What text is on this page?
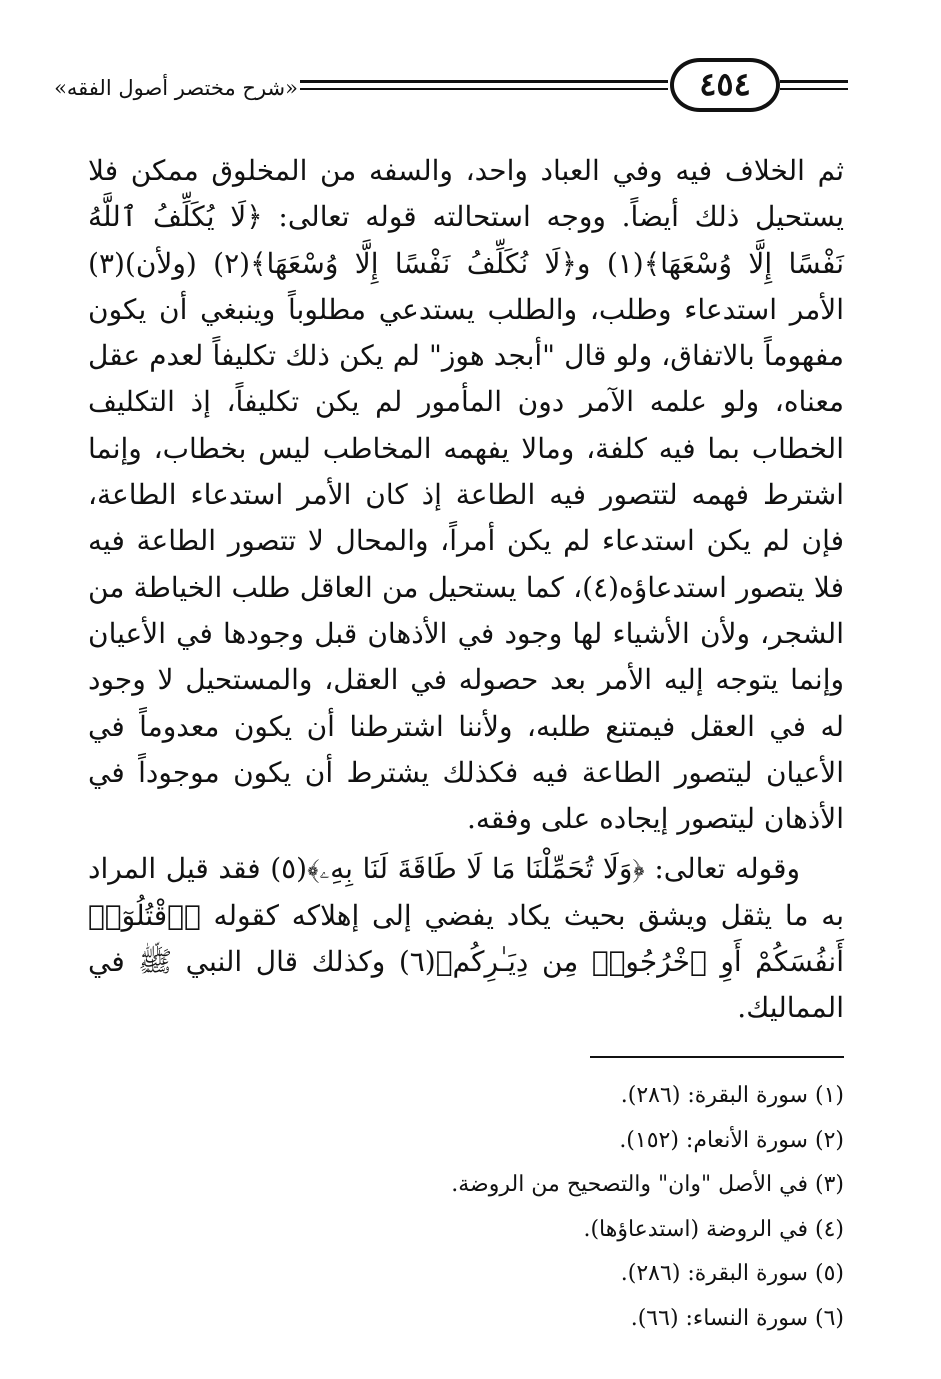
«شرح مختصر أصول الفقه»	٤٥٤

ثم الخلاف فيه وفي العباد واحد، والسفه من المخلوق ممكن فلا يستحيل ذلك أيضاً. ووجه استحالته قوله تعالى: ﴿لَا يُكَلِّفُ ٱللَّهُ نَفْسًا إِلَّا وُسْعَهَا﴾(١) و﴿لَا نُكَلِّفُ نَفْسًا إِلَّا وُسْعَهَا﴾(٢) (ولأن)(٣) الأمر استدعاء وطلب، والطلب يستدعي مطلوباً وينبغي أن يكون مفهوماً بالاتفاق، ولو قال "أبجد هوز" لم يكن ذلك تكليفاً لعدم عقل معناه، ولو علمه الآمر دون المأمور لم يكن تكليفاً، إذ التكليف الخطاب بما فيه كلفة، ومالا يفهمه المخاطب ليس بخطاب، وإنما اشترط فهمه لتتصور فيه الطاعة إذ كان الأمر استدعاء الطاعة، فإن لم يكن استدعاء لم يكن أمراً، والمحال لا تتصور الطاعة فيه فلا يتصور استدعاؤه(٤)، كما يستحيل من العاقل طلب الخياطة من الشجر، ولأن الأشياء لها وجود في الأذهان قبل وجودها في الأعيان وإنما يتوجه إليه الأمر بعد حصوله في العقل، والمستحيل لا وجود له في العقل فيمتنع طلبه، ولأننا اشترطنا أن يكون معدوماً في الأعيان ليتصور الطاعة فيه فكذلك يشترط أن يكون موجوداً في الأذهان ليتصور إيجاده على وفقه.

وقوله تعالى: ﴿وَلَا تُحَمِّلْنَا مَا لَا طَاقَةَ لَنَا بِهِۦ﴾(٥) فقد قيل المراد به ما يثقل ويشق بحيث يكاد يفضي إلى إهلاكه كقوله ﴿ٱقْتُلُوٓا۟ أَنفُسَكُمْ أَوِ ٱخْرُجُوا۟ مِن دِيَـٰرِكُم﴾(٦) وكذلك قال النبي ﷺ في المماليك.

(١) سورة البقرة: (٢٨٦).
(٢) سورة الأنعام: (١٥٢).
(٣) في الأصل "وان" والتصحيح من الروضة.
(٤) في الروضة (استدعاؤها).
(٥) سورة البقرة: (٢٨٦).
(٦) سورة النساء: (٦٦).
